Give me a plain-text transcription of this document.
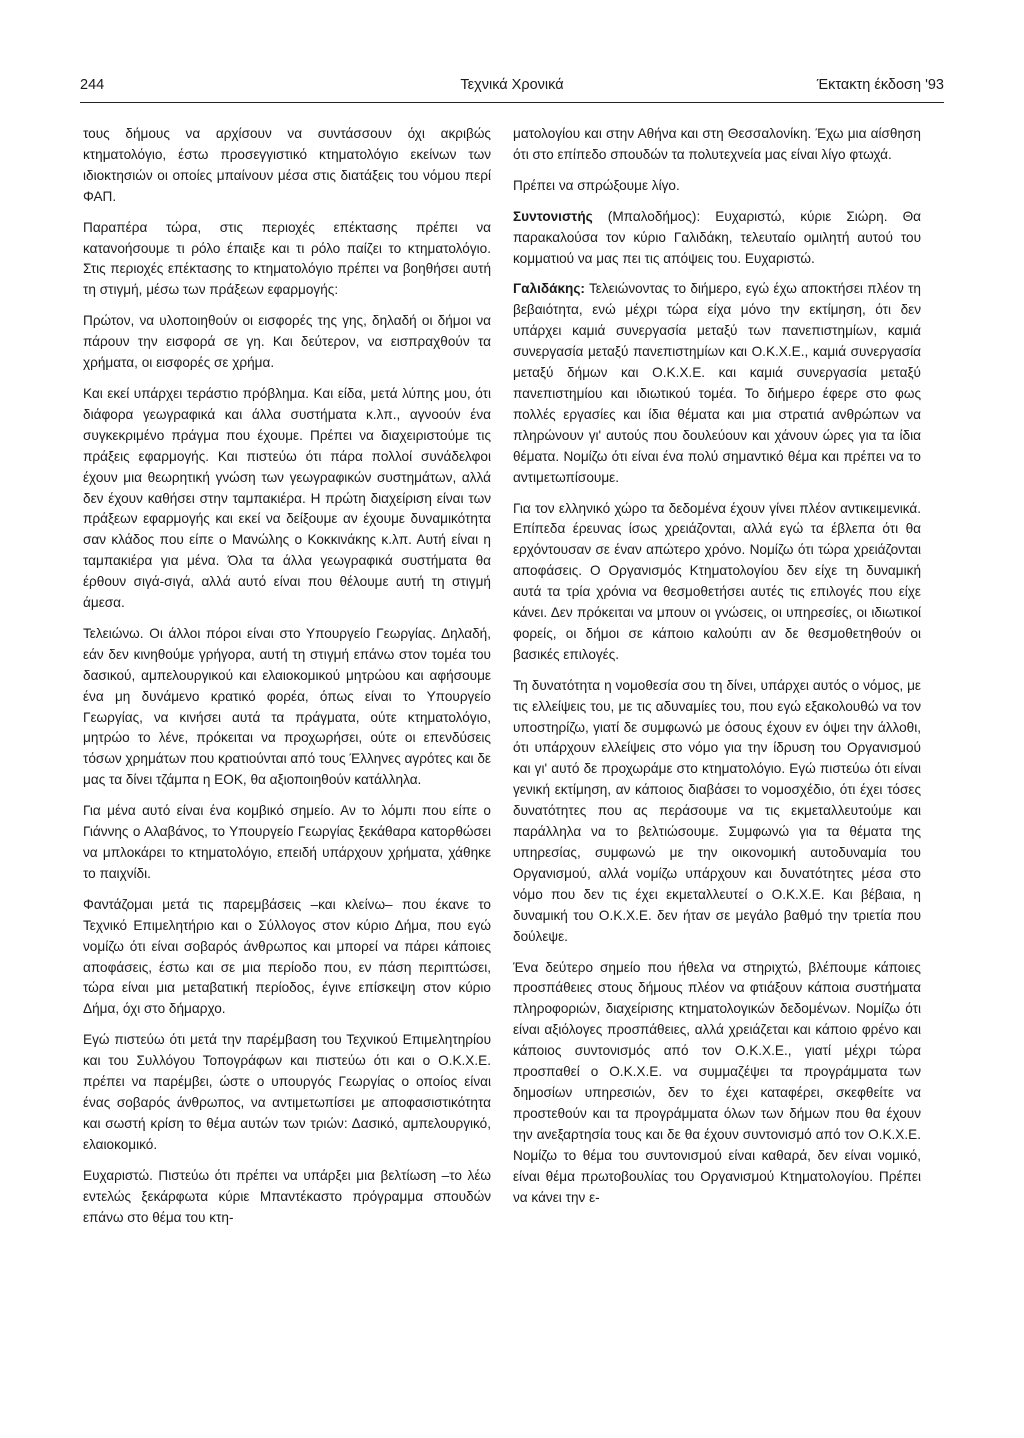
244	Τεχνικά Χρονικά	Έκτακτη έκδοση '93

τους δήμους να αρχίσουν να συντάσσουν όχι ακριβώς κτηματολόγιο, έστω προσεγγιστικό κτηματολόγιο εκείνων των ιδιοκτησιών οι οποίες μπαίνουν μέσα στις διατάξεις του νόμου περί ΦΑΠ.

Παραπέρα τώρα, στις περιοχές επέκτασης πρέπει να κατανοήσουμε τι ρόλο έπαιξε και τι ρόλο παίζει το κτηματολόγιο. Στις περιοχές επέκτασης το κτηματολόγιο πρέπει να βοηθήσει αυτή τη στιγμή, μέσω των πράξεων εφαρμογής:

Πρώτον, να υλοποιηθούν οι εισφορές της γης, δηλαδή οι δήμοι να πάρουν την εισφορά σε γη. Και δεύτερον, να εισπραχθούν τα χρήματα, οι εισφορές σε χρήμα.

Και εκεί υπάρχει τεράστιο πρόβλημα. Και είδα, μετά λύπης μου, ότι διάφορα γεωγραφικά και άλλα συστήματα κ.λπ., αγνοούν ένα συγκεκριμένο πράγμα που έχουμε. Πρέπει να διαχειριστούμε τις πράξεις εφαρμογής. Και πιστεύω ότι πάρα πολλοί συνάδελφοι έχουν μια θεωρητική γνώση των γεωγραφικών συστημάτων, αλλά δεν έχουν καθήσει στην ταμπακιέρα. Η πρώτη διαχείριση είναι των πράξεων εφαρμογής και εκεί να δείξουμε αν έχουμε δυναμικότητα σαν κλάδος που είπε ο Μανώλης ο Κοκκινάκης κ.λπ. Αυτή είναι η ταμπακιέρα για μένα. Όλα τα άλλα γεωγραφικά συστήματα θα έρθουν σιγά-σιγά, αλλά αυτό είναι που θέλουμε αυτή τη στιγμή άμεσα.

Τελειώνω. Οι άλλοι πόροι είναι στο Υπουργείο Γεωργίας. Δηλαδή, εάν δεν κινηθούμε γρήγορα, αυτή τη στιγμή επάνω στον τομέα του δασικού, αμπελουργικού και ελαιοκομικού μητρώου και αφήσουμε ένα μη δυνάμενο κρατικό φορέα, όπως είναι το Υπουργείο Γεωργίας, να κινήσει αυτά τα πράγματα, ούτε κτηματολόγιο, μητρώο το λένε, πρόκειται να προχωρήσει, ούτε οι επενδύσεις τόσων χρημάτων που κρατιούνται από τους Έλληνες αγρότες και δε μας τα δίνει τζάμπα η ΕΟΚ, θα αξιοποιηθούν κατάλληλα.

Για μένα αυτό είναι ένα κομβικό σημείο. Αν το λόμπι που είπε ο Γιάννης ο Αλαβάνος, το Υπουργείο Γεωργίας ξεκάθαρα κατορθώσει να μπλοκάρει το κτηματολόγιο, επειδή υπάρχουν χρήματα, χάθηκε το παιχνίδι.

Φαντάζομαι μετά τις παρεμβάσεις –και κλείνω– που έκανε το Τεχνικό Επιμελητήριο και ο Σύλλογος στον κύριο Δήμα, που εγώ νομίζω ότι είναι σοβαρός άνθρωπος και μπορεί να πάρει κάποιες αποφάσεις, έστω και σε μια περίοδο που, εν πάση περιπτώσει, τώρα είναι μια μεταβατική περίοδος, έγινε επίσκεψη στον κύριο Δήμα, όχι στο δήμαρχο.

Εγώ πιστεύω ότι μετά την παρέμβαση του Τεχνικού Επιμελητηρίου και του Συλλόγου Τοπογράφων και πιστεύω ότι και ο Ο.Κ.Χ.Ε. πρέπει να παρέμβει, ώστε ο υπουργός Γεωργίας ο οποίος είναι ένας σοβαρός άνθρωπος, να αντιμετωπίσει με αποφασιστικότητα και σωστή κρίση το θέμα αυτών των τριών: Δασικό, αμπελουργικό, ελαιοκομικό.

Ευχαριστώ. Πιστεύω ότι πρέπει να υπάρξει μια βελτίωση –το λέω εντελώς ξεκάρφωτα κύριε Μπαντέκαστο πρόγραμμα σπουδών επάνω στο θέμα του κτη-

ματολογίου και στην Αθήνα και στη Θεσσαλονίκη. Έχω μια αίσθηση ότι στο επίπεδο σπουδών τα πολυτεχνεία μας είναι λίγο φτωχά.

Πρέπει να σπρώξουμε λίγο.

Συντονιστής (Μπαλοδήμος): Ευχαριστώ, κύριε Σιώρη. Θα παρακαλούσα τον κύριο Γαλιδάκη, τελευταίο ομιλητή αυτού του κομματιού να μας πει τις απόψεις του. Ευχαριστώ.

Γαλιδάκης: Τελειώνοντας το διήμερο, εγώ έχω αποκτήσει πλέον τη βεβαιότητα, ενώ μέχρι τώρα είχα μόνο την εκτίμηση, ότι δεν υπάρχει καμιά συνεργασία μεταξύ των πανεπιστημίων, καμιά συνεργασία μεταξύ πανεπιστημίων και Ο.Κ.Χ.Ε., καμιά συνεργασία μεταξύ δήμων και Ο.Κ.Χ.Ε. και καμιά συνεργασία μεταξύ πανεπιστημίου και ιδιωτικού τομέα. Το διήμερο έφερε στο φως πολλές εργασίες και ίδια θέματα και μια στρατιά ανθρώπων να πληρώνουν γι' αυτούς που δουλεύουν και χάνουν ώρες για τα ίδια θέματα. Νομίζω ότι είναι ένα πολύ σημαντικό θέμα και πρέπει να το αντιμετωπίσουμε.

Για τον ελληνικό χώρο τα δεδομένα έχουν γίνει πλέον αντικειμενικά. Επίπεδα έρευνας ίσως χρειάζονται, αλλά εγώ τα έβλεπα ότι θα ερχόντουσαν σε έναν απώτερο χρόνο. Νομίζω ότι τώρα χρειάζονται αποφάσεις. Ο Οργανισμός Κτηματολογίου δεν είχε τη δυναμική αυτά τα τρία χρόνια να θεσμοθετήσει αυτές τις επιλογές που είχε κάνει. Δεν πρόκειται να μπουν οι γνώσεις, οι υπηρεσίες, οι ιδιωτικοί φορείς, οι δήμοι σε κάποιο καλούπι αν δε θεσμοθετηθούν οι βασικές επιλογές.

Τη δυνατότητα η νομοθεσία σου τη δίνει, υπάρχει αυτός ο νόμος, με τις ελλείψεις του, με τις αδυναμίες του, που εγώ εξακολουθώ να τον υποστηρίζω, γιατί δε συμφωνώ με όσους έχουν εν όψει την άλλοθι, ότι υπάρχουν ελλείψεις στο νόμο για την ίδρυση του Οργανισμού και γι' αυτό δε προχωράμε στο κτηματολόγιο. Εγώ πιστεύω ότι είναι γενική εκτίμηση, αν κάποιος διαβάσει το νομοσχέδιο, ότι έχει τόσες δυνατότητες που ας περάσουμε να τις εκμεταλλευτούμε και παράλληλα να το βελτιώσουμε. Συμφωνώ για τα θέματα της υπηρεσίας, συμφωνώ με την οικονομική αυτοδυναμία του Οργανισμού, αλλά νομίζω υπάρχουν και δυνατότητες μέσα στο νόμο που δεν τις έχει εκμεταλλευτεί ο Ο.Κ.Χ.Ε. Και βέβαια, η δυναμική του Ο.Κ.Χ.Ε. δεν ήταν σε μεγάλο βαθμό την τριετία που δούλεψε.

Ένα δεύτερο σημείο που ήθελα να στηριχτώ, βλέπουμε κάποιες προσπάθειες στους δήμους πλέον να φτιάξουν κάποια συστήματα πληροφοριών, διαχείρισης κτηματολογικών δεδομένων. Νομίζω ότι είναι αξιόλογες προσπάθειες, αλλά χρειάζεται και κάποιο φρένο και κάποιος συντονισμός από τον Ο.Κ.Χ.Ε., γιατί μέχρι τώρα προσπαθεί ο Ο.Κ.Χ.Ε. να συμμαζέψει τα προγράμματα των δημοσίων υπηρεσιών, δεν το έχει καταφέρει, σκεφθείτε να προστεθούν και τα προγράμματα όλων των δήμων που θα έχουν την ανεξαρτησία τους και δε θα έχουν συντονισμό από τον Ο.Κ.Χ.Ε. Νομίζω το θέμα του συντονισμού είναι καθαρά, δεν είναι νομικό, είναι θέμα πρωτοβουλίας του Οργανισμού Κτηματολογίου. Πρέπει να κάνει την ε-
